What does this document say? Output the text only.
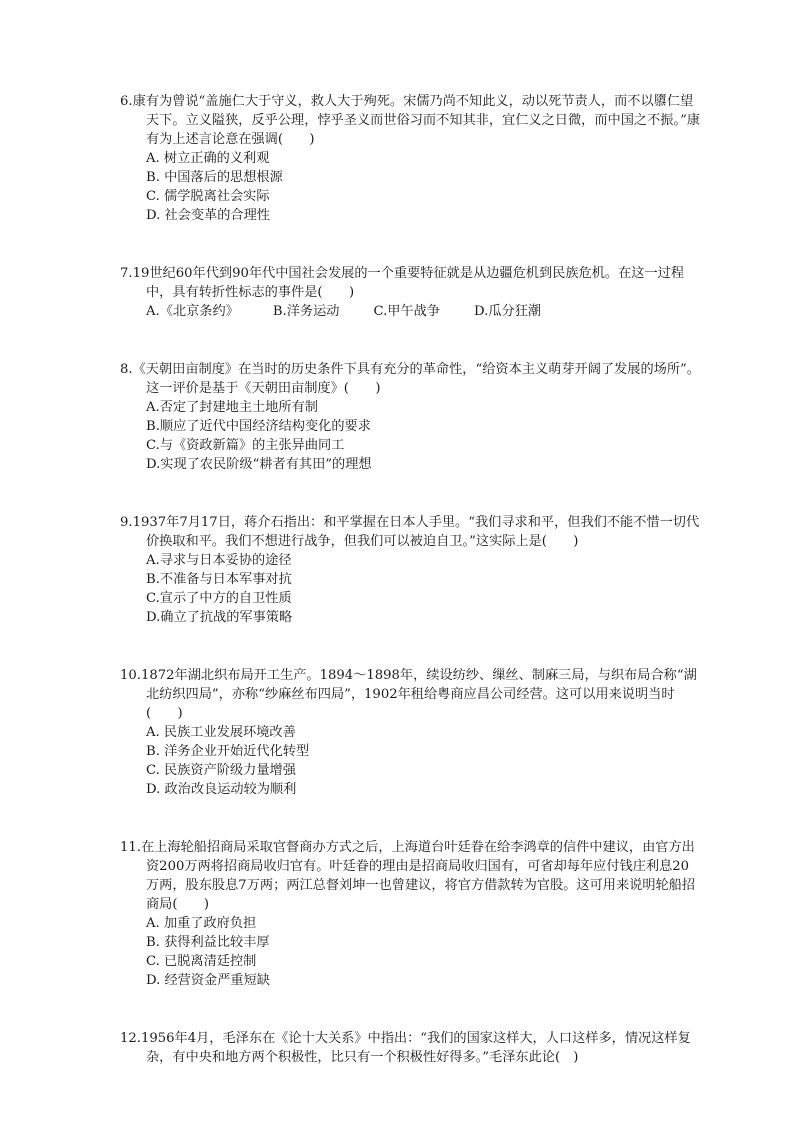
6.康有为曾说“盖施仁大于守义，救人大于殉死。宋儒乃尚不知此义，动以死节责人，而不以隳仁望天下。立义隘狭，反乎公理，悖乎圣义而世俗习而不知其非，宜仁义之日微，而中国之不振。”康有为上述言论意在强调(　　)

A. 树立正确的义利观
B. 中国落后的思想根源
C. 儒学脱离社会实际
D. 社会变革的合理性

7.19世纪60年代到90年代中国社会发展的一个重要特征就是从边疆危机到民族危机。在这一过程中，具有转折性标志的事件是(　　)

A.《北京条约》	B.洋务运动	C.甲午战争	D.瓜分狂潮

8.《天朝田亩制度》在当时的历史条件下具有充分的革命性，“给资本主义萌芽开阔了发展的场所”。这一评价是基于《天朝田亩制度》(　　)

A.否定了封建地主土地所有制
B.顺应了近代中国经济结构变化的要求
C.与《资政新篇》的主张异曲同工
D.实现了农民阶级“耕者有其田”的理想

9.1937年7月17日，蒋介石指出：和平掌握在日本人手里。“我们寻求和平，但我们不能不惜一切代价换取和平。我们不想进行战争，但我们可以被迫自卫。”这实际上是(　　)

A.寻求与日本妥协的途径
B.不准备与日本军事对抗
C.宣示了中方的自卫性质
D.确立了抗战的军事策略

10.1872年湖北织布局开工生产。1894～1898年，续设纺纱、缫丝、制麻三局，与织布局合称“湖北纺织四局”，亦称“纱麻丝布四局”，1902年租给粤商应昌公司经营。这可以用来说明当时(　　)

A. 民族工业发展环境改善
B. 洋务企业开始近代化转型
C. 民族资产阶级力量增强
D. 政治改良运动较为顺利

11.在上海轮船招商局采取官督商办方式之后，上海道台叶廷眷在给李鸿章的信件中建议，由官方出资200万两将招商局收归官有。叶廷眷的理由是招商局收归国有，可省却每年应付钱庄利息20万两，股东股息7万两；两江总督刘坤一也曾建议，将官方借款转为官股。这可用来说明轮船招商局(　　)

A. 加重了政府负担
B. 获得利益比较丰厚
C. 已脱离清廷控制
D. 经营资金严重短缺

12.1956年4月，毛泽东在《论十大关系》中指出：“我们的国家这样大，人口这样多，情况这样复杂，有中央和地方两个积极性，比只有一个积极性好得多。”毛泽东此论(　)
